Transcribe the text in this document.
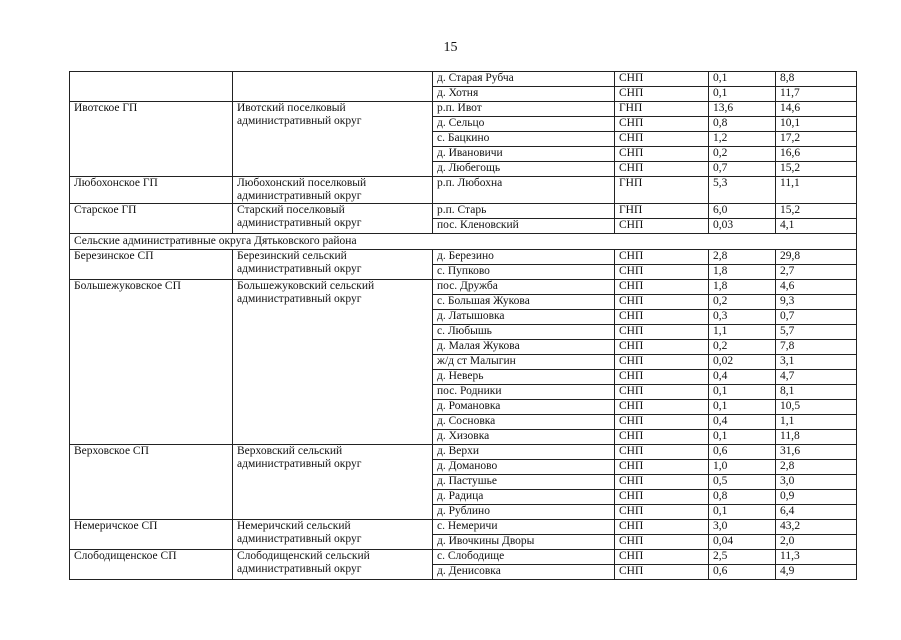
15
		д. Старая Рубча	СНП	0,1	8,8
		д. Хотня	СНП	0,1	11,7
Ивотское ГП	Ивотский поселковый административный округ	р.п. Ивот	ГНП	13,6	14,6
		д. Сельцо	СНП	0,8	10,1
		с. Бацкино	СНП	1,2	17,2
		д. Ивановичи	СНП	0,2	16,6
		д. Любегощь	СНП	0,7	15,2
Любохонское ГП	Любохонский поселковый административный округ	р.п. Любохна	ГНП	5,3	11,1
Старское ГП	Старский поселковый административный округ	р.п. Старь	ГНП	6,0	15,2
		пос. Кленовский	СНП	0,03	4,1
Сельские административные округа Дятьковского района					
Березинское СП	Березинский сельский административный округ	д. Березино	СНП	2,8	29,8
		с. Пупково	СНП	1,8	2,7
Большежуковское СП	Большежуковский сельский административный округ	пос. Дружба	СНП	1,8	4,6
		с. Большая Жукова	СНП	0,2	9,3
		д. Латышовка	СНП	0,3	0,7
		с. Любышь	СНП	1,1	5,7
		д. Малая Жукова	СНП	0,2	7,8
		ж/д ст Малыгин	СНП	0,02	3,1
		д. Неверь	СНП	0,4	4,7
		пос. Родники	СНП	0,1	8,1
		д. Романовка	СНП	0,1	10,5
		д. Сосновка	СНП	0,4	1,1
		д. Хизовка	СНП	0,1	11,8
Верховское СП	Верховский сельский административный округ	д. Верхи	СНП	0,6	31,6
		д. Доманово	СНП	1,0	2,8
		д. Пастушье	СНП	0,5	3,0
		д. Радица	СНП	0,8	0,9
		д. Рублино	СНП	0,1	6,4
Немеричское СП	Немеричский сельский административный округ	с. Немеричи	СНП	3,0	43,2
		д. Ивочкины Дворы	СНП	0,04	2,0
Слободищенское СП	Слободищенский сельский административный округ	с. Слободище	СНП	2,5	11,3
		д. Денисовка	СНП	0,6	4,9
